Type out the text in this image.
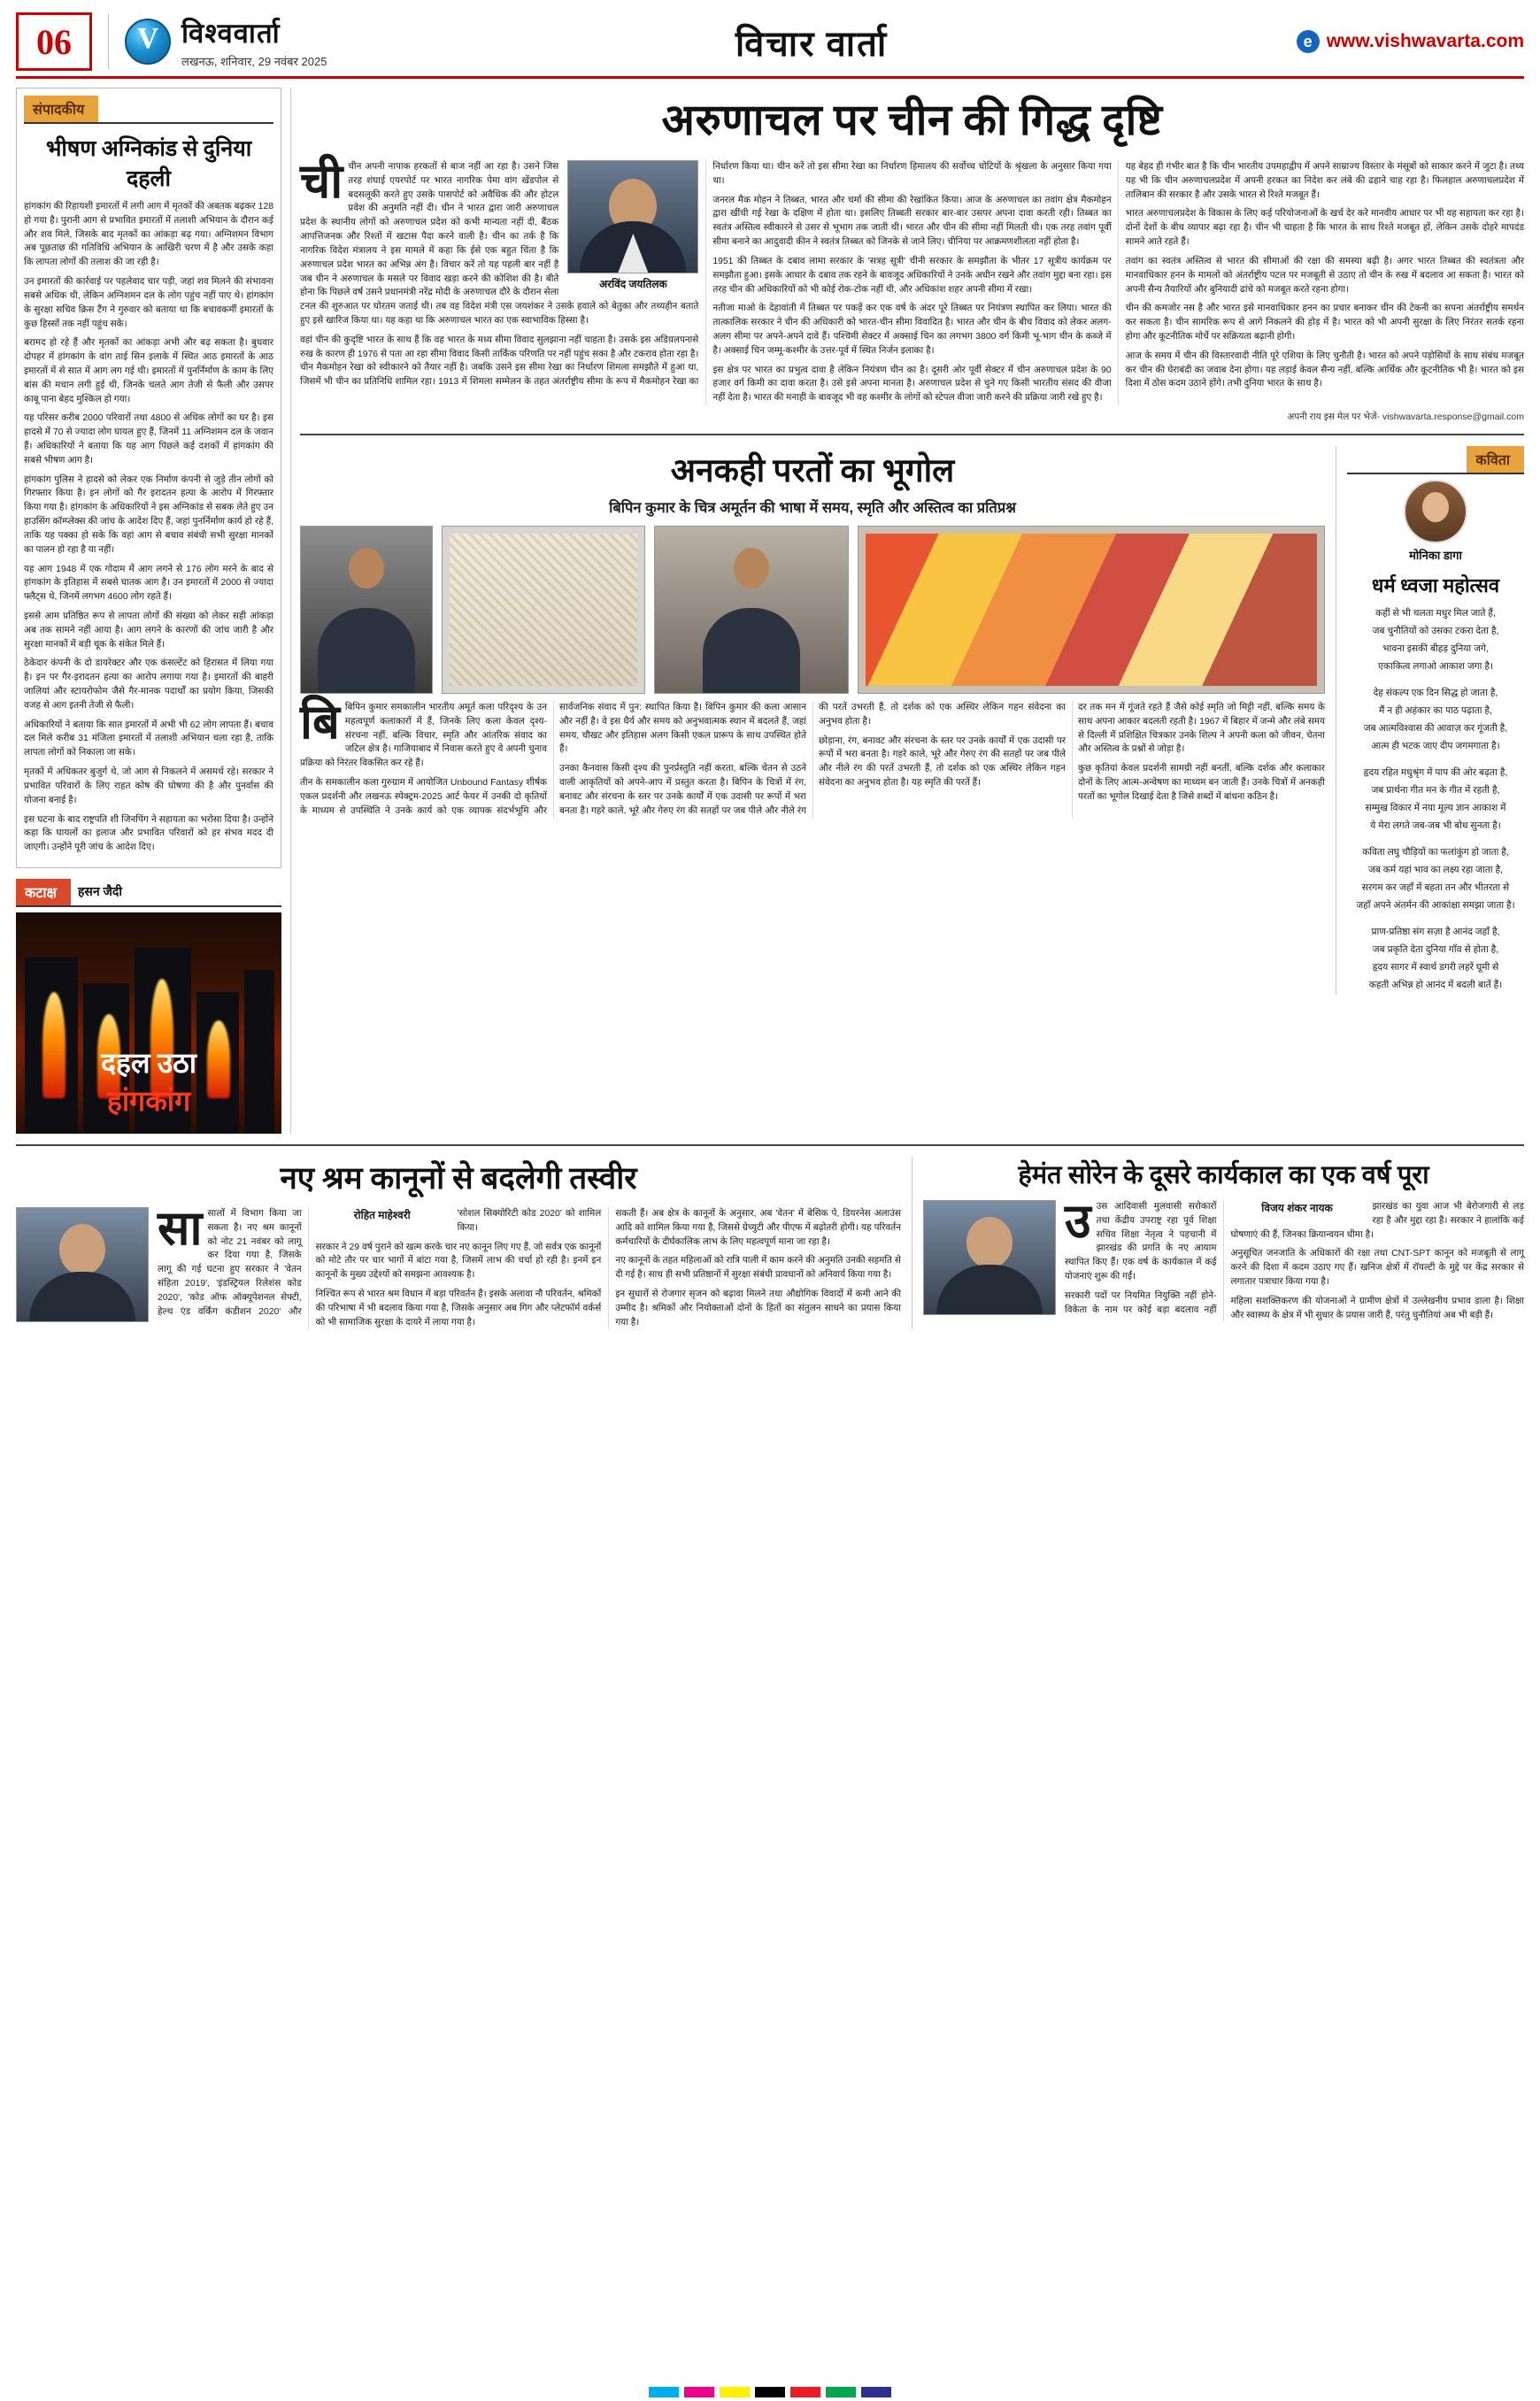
06 V	विश्ववार्ता
लखनऊ, शनिवार, 29 नवंबर 2025	विचार वार्ता	e www.vishwavarta.com
संपादकीय
भीषण अग्निकांड से दुनिया दहली

हांगकांग की रिहायशी इमारतों में लगी आग में मृतकों की अबतक बढ़कर 128 हो गया है। पुरानी आग से प्रभावित इमारतों में तलाशी अभियान के दौरान कई और शव मिले, जिसके बाद मृतकों का आंकड़ा बढ़ गया। अग्निशमन विभाग अब पूछताछ की गतिविधि अभियान के आखिरी चरण में है और उसके कहा कि लापता लोगों की तलाश की जा रही है।

उन इमारतों की कार्रवाई पर पहलेवाद चार पड़ी, जहां शव मिलने की संभावना सबसे अधिक थी, लेकिन अग्निशमन दल के लोग पहुंच नहीं पाए थे। हांगकांग के सुरक्षा सचिव क्रिस टैंग ने गुरुवार को बताया था कि बचावकर्मी इमारतों के कुछ हिस्सों तक नहीं पहुंच सके।

बरामद हो रहे हैं और मृतकों का आंकड़ा अभी और बढ़ सकता है। बुधवार दोपहर में हांगकांग के वांग ताई सिन इलाके में स्थित आठ इमारतों के आठ इमारतों में से सात में आग लग गई थी। इमारतों में पुनर्निर्माण के काम के लिए बांस की मचान लगी हुई थी, जिनके चलते आग तेजी से फैली और उसपर काबू पाना बेहद मुश्किल हो गया।

यह परिसर करीब 2000 परिवारों तथा 4800 से अधिक लोगों का घर है। इस हादसे में 70 से ज्यादा लोग घायल हुए हैं, जिनमें 11 अग्निशमन दल के जवान हैं। अधिकारियों ने बताया कि यह आग पिछले कई दशकों में हांगकांग की सबसे भीषण आग है।

हांगकांग पुलिस ने हादसे को लेकर एक निर्माण कंपनी से जुड़े तीन लोगों को गिरफ्तार किया है। इन लोगों को गैर इरादतन हत्या के आरोप में गिरफ्तार किया गया है। हांगकांग के अधिकारियों ने इस अग्निकांड से सबक लेते हुए उन हाउसिंग कॉम्प्लेक्स की जांच के आदेश दिए हैं, जहां पुनर्निर्माण कार्य हो रहे हैं, ताकि यह पक्का हो सके कि वहां आग से बचाव संबंधी सभी सुरक्षा मानकों का पालन हो रहा है या नहीं।

यह आग 1948 में एक गोदाम में आग लगने से 176 लोग मरने के बाद से हांगकांग के इतिहास में सबसे घातक आग है। उन इमारतों में 2000 से ज्यादा फ्लैट्स थे, जिनमें लगभग 4600 लोग रहते हैं।

इससे आम प्रतिष्ठित रूप से लापता लोगों की संख्या को लेकर सही आंकड़ा अब तक सामने नहीं आया है। आग लगने के कारणों की जांच जारी है और सुरक्षा मानकों में बड़ी चूक के संकेत मिले हैं।

ठेकेदार कंपनी के दो डायरेक्टर और एक कंसल्टेंट को हिरासत में लिया गया है। इन पर गैर-इरादतन हत्या का आरोप लगाया गया है। इमारतों की बाहरी जालियां और स्टायरोफोम जैसे गैर-मानक पदार्थों का प्रयोग किया, जिसकी वजह से आग इतनी तेजी से फैली।

अधिकारियों ने बताया कि सात इमारतों में अभी भी 62 लोग लापता हैं। बचाव दल मिले करीब 31 मंजिला इमारतों में तलाशी अभियान चला रहा है, ताकि लापता लोगों को निकाला जा सके।

मृतकों में अधिकतर बुजुर्ग थे, जो आग से निकलने में असमर्थ रहे। सरकार ने प्रभावित परिवारों के लिए राहत कोष की घोषणा की है और पुनर्वास की योजना बनाई है।

इस घटना के बाद राष्ट्रपति शी जिनपिंग ने सहायता का भरोसा दिया है। उन्होंने कहा कि घायलों का इलाज और प्रभावित परिवारों को हर संभव मदद दी जाएगी। उन्होंने पूरी जांच के आदेश दिए।

कटाक्ष	हसन जैदी
दहल उठा
हांगकांग
अरुणाचल पर चीन की गिद्ध दृष्टि
अरविंद जयतिलक

चीचीन अपनी नापाक हरकतों से बाज नहीं आ रहा है। उसने जिस तरह शंघाई एयरपोर्ट पर भारत नागरिक पेमा वांग खेंडपोल से बदसलूकी करते हुए उसके पासपोर्ट को अवैधिक की और होटल प्रवेश की अनुमति नहीं दी। चीन ने भारत द्वारा जारी अरुणाचल प्रदेश के स्थानीय लोगों को अरुणाचल प्रदेश को कभी मान्यता नहीं दी, बैंठक आपत्तिजनक और रिश्तों में खटास पैदा करने वाली है। चीन का तर्क है कि नागरिक विदेश मंत्रालय ने इस मामले में कहा कि ईसे एक बहुत चिंता है कि अरुणाचल प्रदेश भारत का अभिन्न अंग है। विचार करें तो यह पहली बार नहीं है जब चीन ने अरुणाचल के मसले पर विवाद खड़ा करने की कोशिश की है। बीते होना कि पिछले वर्ष उसने प्रधानमंत्री नरेंद्र मोदी के अरुणाचल दौरे के दौरान सेला टनल की शुरुआत पर घोरतम जताई थी। तब वह विदेश मंत्री एस जयशंकर ने उसके हवाले को बेतुका और तथ्यहीन बताते हुए इसे खारिज किया था। यह कहा था कि अरुणाचल भारत का एक स्वाभाविक हिस्सा है।

वहां चीन की कुदृष्टि भारत के साथ हैं कि वह भारत के मध्य सीमा विवाद सुलझाना नहीं चाहता है। उसके इस अडिय़लपनासे रुख के कारण ही 1976 से पता आ रहा सीमा विवाद किसी तार्किक परिणति पर नहीं पहुंच सका है और टकराव होता रहा है। चीन मैकमोहन रेखा को स्वीकारने को तैयार नहीं है। जबकि उसने इस सीमा रेखा का निर्धारण शिमला समझौते में हुआ था, जिसमें भी चीन का प्रतिनिधि शामिल रहा। 1913 में शिमला सम्मेलन के तहत अंतर्राष्ट्रीय सीमा के रूप में मैकमोहन रेखा का निर्धारण किया था। चीन करें तो इस सीमा रेखा का निर्धारण हिमालय की सर्वोच्च चोटियों के श्रृंखला के अनुसार किया गया था।

जनरल मैक मोहन ने तिब्बत, भारत और चर्मा की सीमा की रेखांकित किया। आज के अरुणाचल का तवांग क्षेत्र मैकमोहन द्वारा खींची गई रेखा के दक्षिण में होता था। इसलिए तिब्बती सरकार बार-बार उसपर अपना दावा करती रही। तिब्बत का स्वतंत्र अस्तित्व स्वीकारने से उसर से भूभाग तक जाती थी। भारत और चीन की सीमा नहीं मिलती थी। एक तरह तवांग पूर्वी सीमा बनाने का आदुवादी कीन ने स्वतंत्र तिब्बत को जिनके से जाने लिए। चीनिया पर आक्रमणशीलता नहीं होता है।

1951 की तिब्बत के दबाव लामा सरकार के 'सत्रह सूत्री' चीनी सरकार के समझौता के भीतर 17 सूत्रीय कार्यक्रम पर समझौता हुआ। इसके आधार के दबाव तक रहने के बावजूद अधिकारियों ने उनके अधीन रखने और तवांग मुद्दा बना रहा। इस तरह चीन की अधिकारियों को भी कोई रोक-टोक नहीं थी, और अधिकांश शहर अपनी सीमा में रखा।

नतीजा माओ के देहावांती में तिब्बत पर पकड़ें कर एक वर्ष के अंदर पूरे तिब्बत पर नियंत्रण स्थापित कर लिया। भारत की तात्कालिक सरकार ने चीन की अधिकारी को भारत-चीन सीमा विवादित है। भारत और चीन के बीच विवाद को लेकर अलग-अलग सीमा पर अपने-अपने दावे हैं। पश्चिमी सेक्टर में अक्साई चिन का लगभग 3800 वर्ग किमी भू-भाग चीन के कब्जे में है। अक्साई चिन जम्मू-कश्मीर के उत्तर-पूर्व में स्थित निर्जन इलाका है।

इस क्षेत्र पर भारत का प्रभुत्व दावा है लेकिन नियंत्रण चीन का है। दूसरी ओर पूर्वी सेक्टर में चीन अरुणाचल प्रदेश के 90 हजार वर्ग किमी का दावा करता है। उसे इसे अपना मानता है। अरुणाचल प्रदेश से चुने गए किसी भारतीय संसद की वीजा नहीं देता है। भारत की मनाही के बावजूद भी वह कश्मीर के लोगों को स्टेपल वीजा जारी करने की प्रक्रिया जारी रखे हुए है।

यह बेहद ही गंभीर बात है कि चीन भारतीय उपमहाद्वीप में अपने साम्राज्य विस्तार के मंसूबों को साकार करने में जुटा है। तथ्य यह भी कि चीन अरुणाचलप्रदेश में अपनी हरकत का निदेश कर लंबे की ढहाने चाह रहा है। फिलहाल अरुणाचलप्रदेश में तालिबान की सरकार है और उसके भारत से रिश्ते मजबूत हैं।

भारत अरुणाचलप्रदेश के विकास के लिए कई परियोजनाओं के खर्च देर करे मानवीय आधार पर भी वह सहायता कर रहा है। दोनों देशों के बीच व्यापार बढ़ा रहा है। चीन भी चाहता है कि भारत के साथ रिश्ते मजबूत हों, लेकिन उसके दोहरे मापदंड सामने आते रहते हैं।

तवांग का स्वतंत्र अस्तित्व से भारत की सीमाओं की रक्षा की समस्या बढ़ी है। अगर भारत तिब्बत की स्वतंत्रता और मानवाधिकार हनन के मामलों को अंतर्राष्ट्रीय पटल पर मजबूती से उठाए तो चीन के रुख में बदलाव आ सकता है। भारत को अपनी सैन्य तैयारियों और बुनियादी ढांचे को मजबूत करते रहना होगा।

चीन की कमजोर नस है और भारत इसे मानवाधिकार हनन का प्रचार बनाकर चीन की टेकनी का सपना अंतर्राष्ट्रीय समर्थन कर सकता है। चीन सामरिक रूप से आगे निकलने की होड़ में है। भारत को भी अपनी सुरक्षा के लिए निरंतर सतर्क रहना होगा और कूटनीतिक मोर्चे पर सक्रियता बढ़ानी होगी।

आज के समय में चीन की विस्तारवादी नीति पूरे एशिया के लिए चुनौती है। भारत को अपने पड़ोसियों के साथ संबंध मजबूत कर चीन की घेराबंदी का जवाब देना होगा। यह लड़ाई केवल सैन्य नहीं, बल्कि आर्थिक और कूटनीतिक भी है। भारत को इस दिशा में ठोस कदम उठाने होंगे। तभी दुनिया भारत के साथ है।

अपनी राय इस मेल पर भेजें- vishwavarta.response@gmail.com
अनकही परतों का भूगोल
बिपिन कुमार के चित्र अमूर्तन की भाषा में समय, स्मृति और अस्तित्व का प्रतिप्रश्न

बिबिपिन कुमार समकालीन भारतीय अमूर्त कला परिदृश्य के उन महत्वपूर्ण कलाकारों में हैं, जिनके लिए कला केवल दृश्य-संरचना नहीं, बल्कि विचार, स्मृति और आंतरिक संवाद का जटिल क्षेत्र है। गाजियाबाद में निवास करते हुए वे अपनी चुनाव प्रक्रिया को निरंतर विकसित कर रहे हैं।

तीन के समकालीन कला गुरुग्राम में आयोजित Unbound Fantasy शीर्षक एकल प्रदर्शनी और लखनऊ स्पेक्ट्रम-2025 आर्ट फेयर में उनकी दो कृतियों के माध्यम से उपस्थिति ने उनके कार्य को एक व्यापक संदर्भभूमि और सार्वजनिक संवाद में पुन: स्थापित किया है। बिपिन कुमार की कला आसान और नहीं है। वे इस धैर्य और समय को अनुभवात्मक स्थान में बदलते हैं, जहां समय, चौखट और इतिहास अलग किसी एकल प्रारूप के साथ उपस्थित होते हैं।

उनका कैनवास किसी दृश्य की पुनर्प्रस्तुति नहीं करता, बल्कि चेतन से उठने वाली आकृतियों को अपने-आप में प्रस्तुत करता है। बिपिन के चित्रों में रंग, बनावट और संरचना के स्तर पर उनके कार्यों में एक उदासी पर रूपों में भरा बनता है। गहरे काले, भूरे और गेरुए रंग की सतहों पर जब पीले और नीले रंग की परतें उभरती हैं, तो दर्शक को एक अस्थिर लेकिन गहन संवेदना का अनुभव होता है।

छोड़ाना, रंग, बनावट और संरचना के स्तर पर उनके कार्यों में एक उदासी पर रूपों में भरा बनता है। गहरे काले, भूरे और गेरुए रंग की सतहों पर जब पीले और नीले रंग की परतें उभरती हैं, तो दर्शक को एक अस्थिर लेकिन गहन संवेदना का अनुभव होता है। यह स्मृति की परतें हैं।

दर तक मन में गूंजते रहते हैं जैसे कोई स्मृति जो मिट्टी नहीं, बल्कि समय के साथ अपना आकार बदलती रहती है। 1967 में बिहार में जन्मे और लंबे समय से दिल्ली में प्रशिक्षित चित्रकार उनके शिल्प ने अपनी कला को जीवन, चेतना और अस्तित्व के प्रश्नों से जोड़ा है।

कुछ कृतियां केवल प्रदर्शनी सामग्री नहीं बनतीं, बल्कि दर्शक और कलाकार दोनों के लिए आत्म-अन्वेषण का माध्यम बन जाती हैं। उनके चित्रों में अनकही परतों का भूगोल दिखाई देता है जिसे शब्दों में बांधना कठिन है।

कविता
मोनिका डागा
धर्म ध्वजा महोत्सव
कहीं से भी चलता मधुर मिल जाते हैं,
जब चुनौतियों को उसका टकरा देता है,
भावना इसकी बीहड़ दुनिया जगे,
एकाकित्व लगाओ आकाश जगा है।
देह संकल्प एक दिन सिद्ध हो जाता है,
मैं न ही अहंकार का पाठ पढ़ाता है,
जब आत्मविश्वास की आवाज़ कर गूंजती है,
आत्म ही भटक जाए दीप जगमगाता है।
हृदय रहित मधुश्रृंग में पाप की ओर बढ़ता है,
जब प्रार्थना गीत मन के गीत में रहती है,
सम्मुख विकार में नया मूल्य ज्ञान आकाश में
ये मेरा लगते जब-जब भी बोध सुनता है।
कविता लघु चौड़ियों का फलांकुंग हो जाता है,
जब कर्म यहां भाव का लक्ष्य रहा जाता है,
सरगम कर जहाँ में बहता तन और भीतरता से
जहाँ अपने अंतर्मन की आकांक्षा समझा जाता है।
प्राण-प्रतिष्ठा संग सज़ा है आनंद जहाँ है,
जब प्रकृति देता दुनिया गाँव से होता है,
हृदय सागर में स्वार्थ डगरी लहरें घूमी से
कहती अभिन्न हो आनंद में बदली बातें हैं।
नए श्रम कानूनों से बदलेगी तस्वीर
रोहित माहेश्वरी

सासालों में विभाग किया जा सकता है। नए श्रम कानूनों को नोट 21 नवंबर को लागू कर दिया गया है, जिसके लागू की गई घटना हुए सरकार ने 'वेतन संहिता 2019', 'इंडस्ट्रियल रिलेशंस कोड 2020', 'कोड ऑफ ऑक्यूपेशनल सेफ्टी, हेल्थ एंड वर्किंग कंडीशन 2020' और 'सोशल सिक्योरिटी कोड 2020' को शामिल किया।

सरकार ने 29 वर्ष पुराने को खत्म करके चार नए कानून लिए गए हैं, जो सर्वत्र एक कानूनों को मोटे तौर पर चार भागों में बांटा गया है, जिसमें लाभ की चर्चा हो रही है। इनमें इन कानूनों के मुख्य उद्देश्यों को समझना आवश्यक है।

निश्चित रूप से भारत श्रम विधान में बड़ा परिवर्तन है। इसके अलावा नौ परिवर्तन, श्रमिकों की परिभाषा में भी बदलाव किया गया है, जिसके अनुसार अब गिग और प्लेटफॉर्म वर्कर्स को भी सामाजिक सुरक्षा के दायरे में लाया गया है।

सकती हैं। अब क्षेत्र के कानूनों के अनुसार, अब 'वेतन' में बेसिक पे, डियरनेस अलाउंस आदि को शामिल किया गया है, जिससे ग्रेच्युटी और पीएफ में बढ़ोतरी होगी। यह परिवर्तन कर्मचारियों के दीर्घकालिक लाभ के लिए महत्वपूर्ण माना जा रहा है।

नए कानूनों के तहत महिलाओं को रात्रि पाली में काम करने की अनुमति उनकी सहमति से दी गई है। साथ ही सभी प्रतिष्ठानों में सुरक्षा संबंधी प्रावधानों को अनिवार्य किया गया है।

इन सुधारों से रोजगार सृजन को बढ़ावा मिलने तथा औद्योगिक विवादों में कमी आने की उम्मीद है। श्रमिकों और नियोक्ताओं दोनों के हितों का संतुलन साधने का प्रयास किया गया है।

हेमंत सोरेन के दूसरे कार्यकाल का एक वर्ष पूरा
विजय शंकर नायक

उउस आदिवासी मुलवासी सरोकारों तथा केंद्रीय उपराष्ट्र रहा पूर्व शिक्षा सचिव शिक्षा नेतृत्व ने पहचानी में झारखंड की प्रगति के नए आयाम स्थापित किए हैं। एक वर्ष के कार्यकाल में कई योजनाएं शुरू की गईं।

सरकारी पदों पर नियमित नियुक्ति नहीं होने-विकेता के नाम पर कोई बड़ा बदलाव नहीं झारखंड का युवा आज भी बेरोजगारी से लड़ रहा है और मुद्दा रहा है। सरकार ने हालांकि कई घोषणाएं की हैं, जिनका क्रियान्वयन धीमा है।

अनुसूचित जनजाति के अधिकारों की रक्षा तथा CNT-SPT कानून को मजबूती से लागू करने की दिशा में कदम उठाए गए हैं। खनिज क्षेत्रों में रॉयल्टी के मुद्दे पर केंद्र सरकार से लगातार पत्राचार किया गया है।

महिला सशक्तिकरण की योजनाओं ने ग्रामीण क्षेत्रों में उल्लेखनीय प्रभाव डाला है। शिक्षा और स्वास्थ्य के क्षेत्र में भी सुधार के प्रयास जारी हैं, परंतु चुनौतियां अब भी बड़ी हैं।
